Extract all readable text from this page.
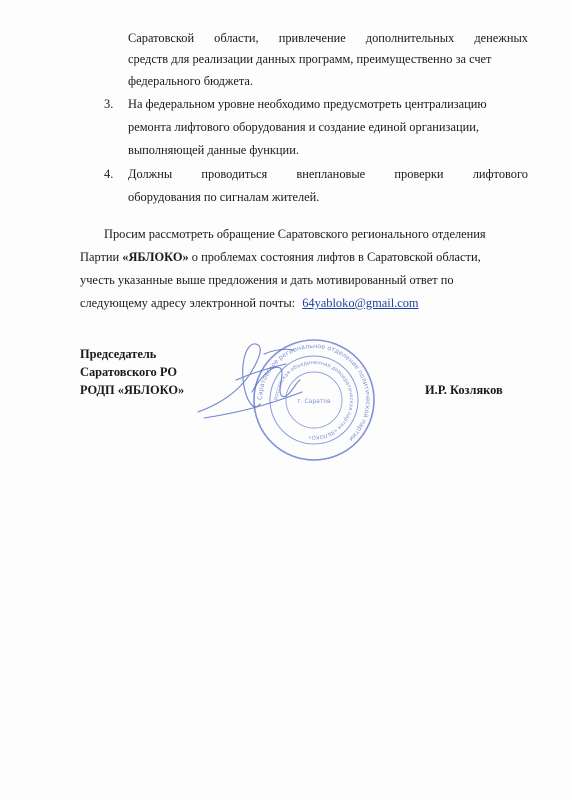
Саратовской области, привлечение дополнительных денежных
средств для реализации данных программ, преимущественно за счет
федерального бюджета.
3. На федеральном уровне необходимо предусмотреть централизацию
ремонта лифтового оборудования и создание единой организации,
выполняющей данные функции.
4. Должны проводиться внеплановые проверки лифтового
оборудования по сигналам жителей.
Просим рассмотреть обращение Саратовского регионального отделения
Партии «ЯБЛОКО» о проблемах состояния лифтов в Саратовской области,
учесть указанные выше предложения и дать мотивированный ответ по
следующему адресу электронной почты: 64yabloko@gmail.com
Председатель
Саратовского РО
РОДП «ЯБЛОКО»	И.Р. Козляков
Саратовское региональное отделение политической партии
Российская объединенная демократическая партия «ЯБЛОКО»
г. Саратов
